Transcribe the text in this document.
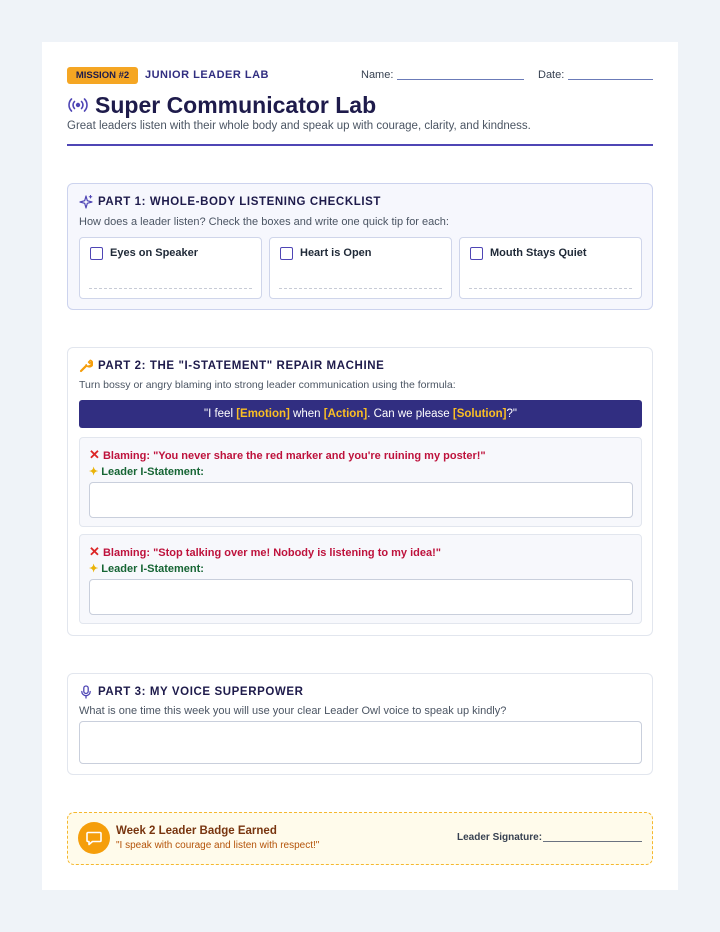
MISSION #2	JUNIOR LEADER LAB	Name:	Date:
Super Communicator Lab
Great leaders listen with their whole body and speak up with courage, clarity, and kindness.
PART 1: WHOLE-BODY LISTENING CHECKLIST
How does a leader listen? Check the boxes and write one quick tip for each:
Eyes on Speaker	Heart is Open	Mouth Stays Quiet
PART 2: THE "I-STATEMENT" REPAIR MACHINE
Turn bossy or angry blaming into strong leader communication using the formula:
"I feel [Emotion] when [Action]. Can we please [Solution]?"
✕ Blaming: "You never share the red marker and you're ruining my poster!"
✦ Leader I-Statement:
✕ Blaming: "Stop talking over me! Nobody is listening to my idea!"
✦ Leader I-Statement:
PART 3: MY VOICE SUPERPOWER
What is one time this week you will use your clear Leader Owl voice to speak up kindly?
Week 2 Leader Badge Earned
"I speak with courage and listen with respect!"
Leader Signature:
